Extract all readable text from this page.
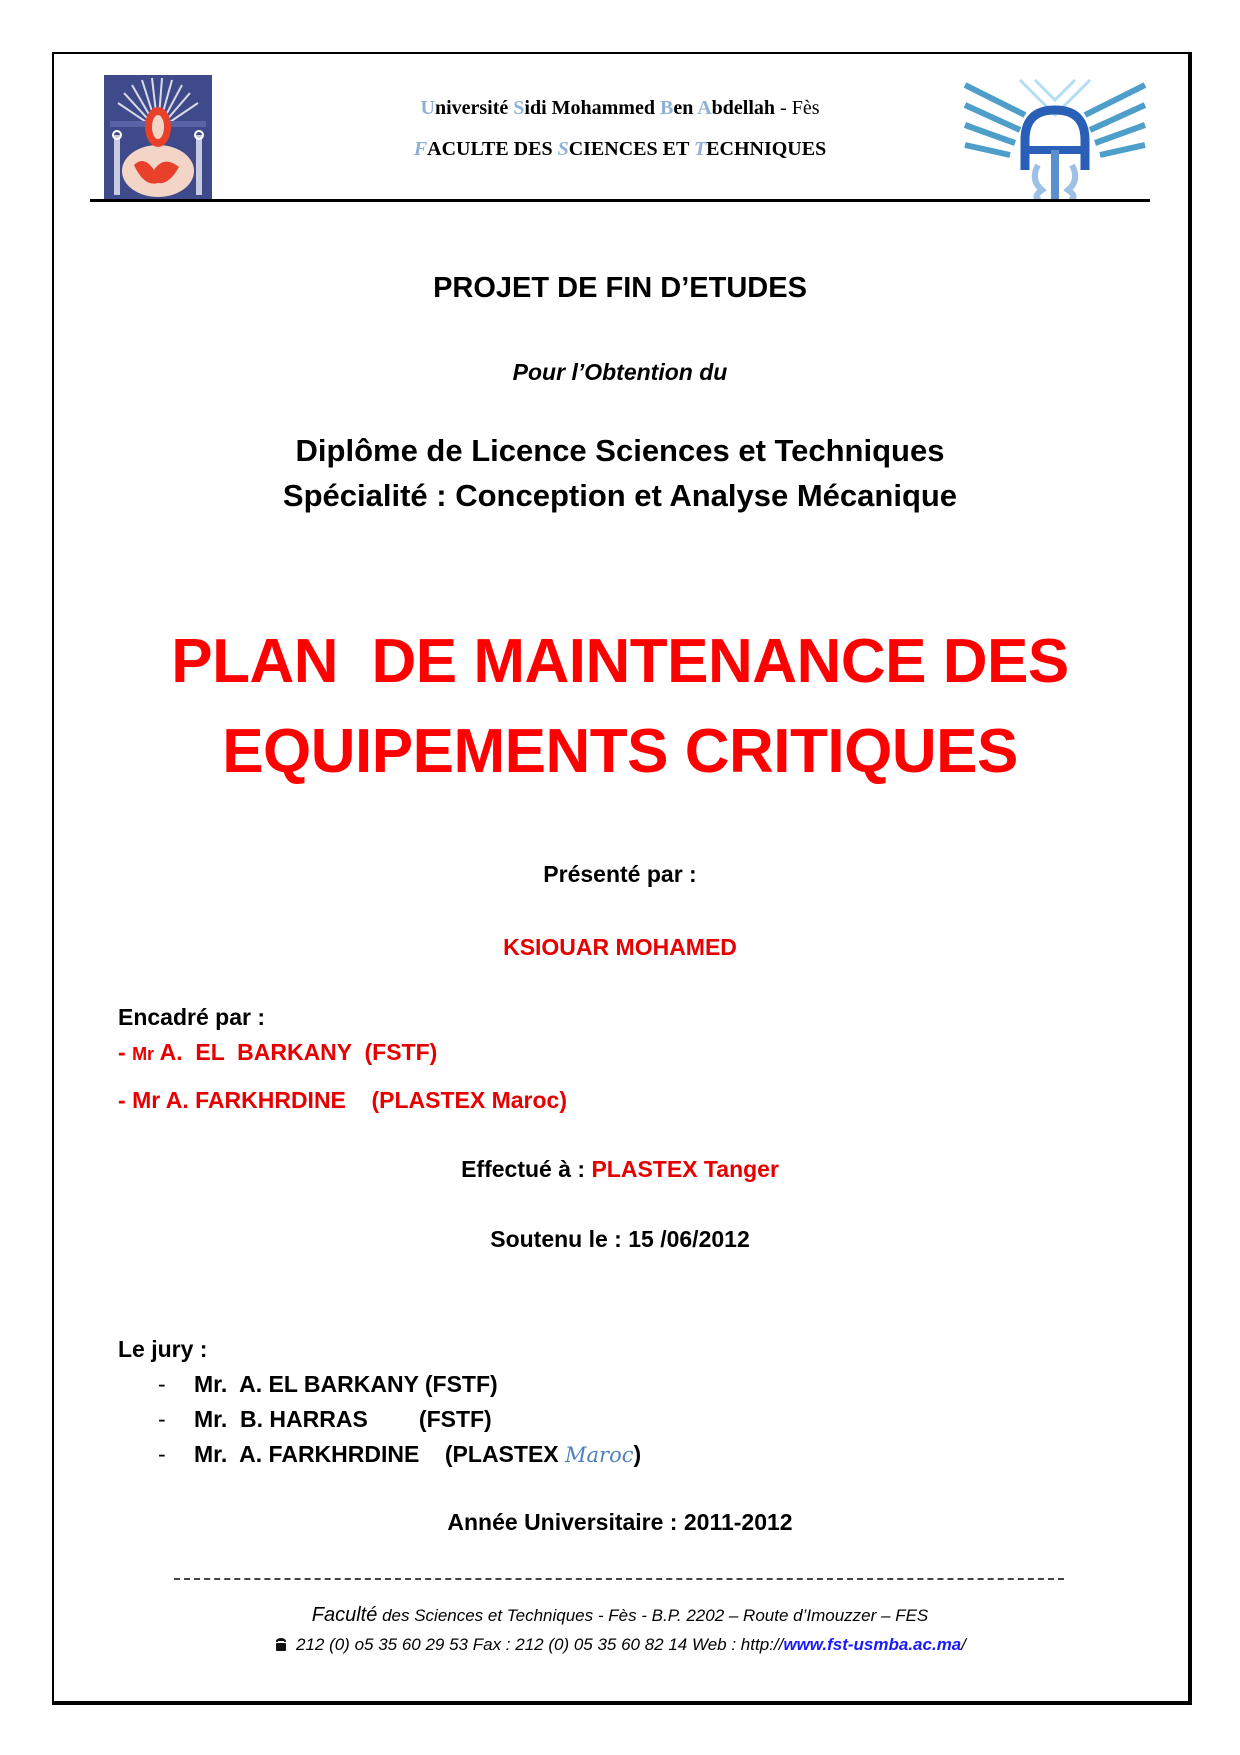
Université Sidi Mohammed Ben Abdellah - Fès
FACULTE DES SCIENCES ET TECHNIQUES
PROJET DE FIN D’ETUDES
Pour l’Obtention du
Diplôme de Licence Sciences et Techniques
Spécialité : Conception et Analyse Mécanique
PLAN  DE MAINTENANCE DES
EQUIPEMENTS CRITIQUES
Présenté par :
KSIOUAR MOHAMED
Encadré par :
- Mr A.  EL  BARKANY  (FSTF)
- Mr A. FARKHRDINE    (PLASTEX Maroc)
Effectué à : PLASTEX Tanger
Soutenu le : 15 /06/2012
Le jury :
- Mr.  A. EL BARKANY (FSTF)
- Mr.  B. HARRAS        (FSTF)
- Mr.  A. FARKHRDINE    (PLASTEX Maroc)
Année Universitaire : 2011-2012
Faculté des Sciences et Techniques - Fès - B.P. 2202 – Route d’Imouzzer – FES
212 (0) o5 35 60 29 53 Fax : 212 (0) 05 35 60 82 14 Web : http://www.fst-usmba.ac.ma/
